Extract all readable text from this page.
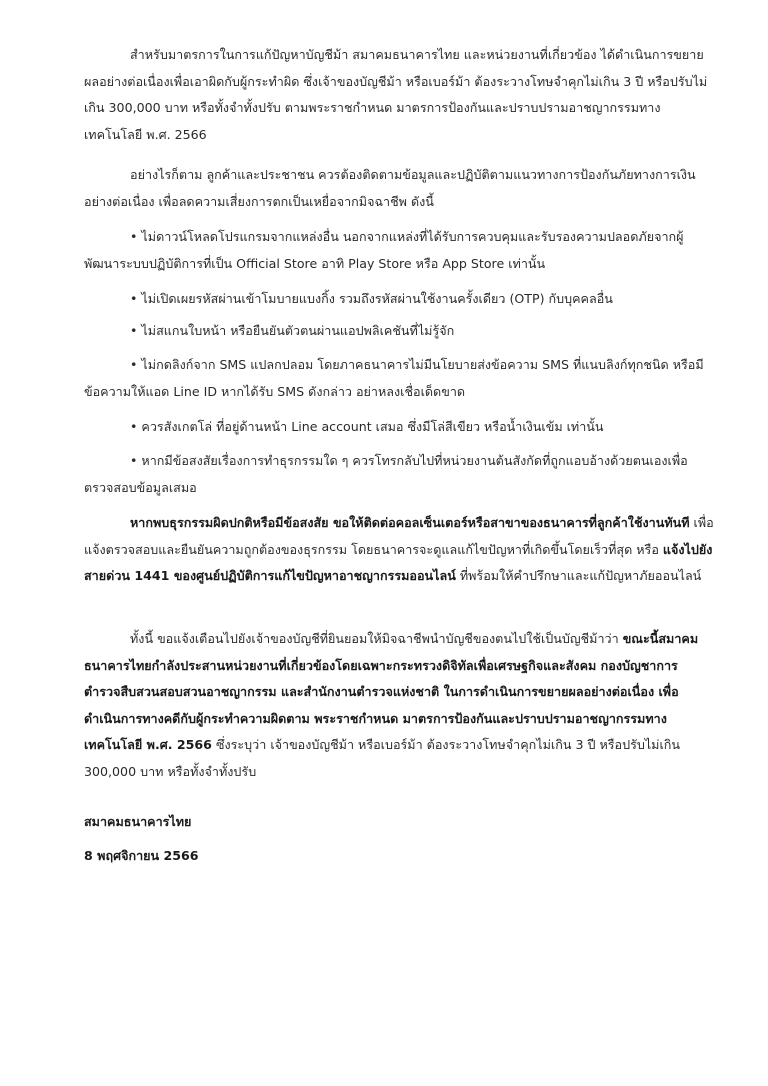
สำหรับมาตรการในการแก้ปัญหาบัญชีม้า สมาคมธนาคารไทย และหน่วยงานที่เกี่ยวข้อง ได้ดำเนินการขยายผลอย่างต่อเนื่องเพื่อเอาผิดกับผู้กระทำผิด ซึ่งเจ้าของบัญชีม้า หรือเบอร์ม้า ต้องระวางโทษจำคุกไม่เกิน 3 ปี หรือปรับไม่เกิน 300,000 บาท หรือทั้งจำทั้งปรับ ตามพระราชกำหนด มาตรการป้องกันและปราบปรามอาชญากรรมทางเทคโนโลยี พ.ศ. 2566
อย่างไรก็ตาม ลูกค้าและประชาชน ควรต้องติดตามข้อมูลและปฏิบัติตามแนวทางการป้องกันภัยทางการเงินอย่างต่อเนื่อง เพื่อลดความเสี่ยงการตกเป็นเหยื่อจากมิจฉาชีพ ดังนี้
• ไม่ดาวน์โหลดโปรแกรมจากแหล่งอื่น นอกจากแหล่งที่ได้รับการควบคุมและรับรองความปลอดภัยจากผู้พัฒนาระบบปฏิบัติการที่เป็น Official Store อาทิ Play Store หรือ App Store เท่านั้น
• ไม่เปิดเผยรหัสผ่านเข้าโมบายแบงกิ้ง รวมถึงรหัสผ่านใช้งานครั้งเดียว (OTP) กับบุคคลอื่น
• ไม่สแกนใบหน้า หรือยืนยันตัวตนผ่านแอปพลิเคชันที่ไม่รู้จัก
• ไม่กดลิงก์จาก SMS แปลกปลอม โดยภาคธนาคารไม่มีนโยบายส่งข้อความ SMS ที่แนบลิงก์ทุกชนิด หรือมีข้อความให้แอด Line ID หากได้รับ SMS ดังกล่าว อย่าหลงเชื่อเด็ดขาด
• ควรสังเกตโล่ ที่อยู่ด้านหน้า Line account เสมอ ซึ่งมีโล่สีเขียว หรือน้ำเงินเข้ม เท่านั้น
• หากมีข้อสงสัยเรื่องการทำธุรกรรมใด ๆ ควรโทรกลับไปที่หน่วยงานต้นสังกัดที่ถูกแอบอ้างด้วยตนเองเพื่อตรวจสอบข้อมูลเสมอ
หากพบธุรกรรมผิดปกติหรือมีข้อสงสัย ขอให้ติดต่อคอลเซ็นเตอร์หรือสาขาของธนาคารที่ลูกค้าใช้งานทันที เพื่อแจ้งตรวจสอบและยืนยันความถูกต้องของธุรกรรม โดยธนาคารจะดูแลแก้ไขปัญหาที่เกิดขึ้นโดยเร็วที่สุด หรือ แจ้งไปยังสายด่วน 1441 ของศูนย์ปฏิบัติการแก้ไขปัญหาอาชญากรรมออนไลน์ ที่พร้อมให้คำปรึกษาและแก้ปัญหาภัยออนไลน์
ทั้งนี้ ขอแจ้งเตือนไปยังเจ้าของบัญชีที่ยินยอมให้มิจฉาชีพนำบัญชีของตนไปใช้เป็นบัญชีม้าว่า ขณะนี้สมาคมธนาคารไทยกำลังประสานหน่วยงานที่เกี่ยวข้องโดยเฉพาะกระทรวงดิจิทัลเพื่อเศรษฐกิจและสังคม กองบัญชาการตำรวจสืบสวนสอบสวนอาชญากรรม และสำนักงานตำรวจแห่งชาติ ในการดำเนินการขยายผลอย่างต่อเนื่อง เพื่อดำเนินการทางคดีกับผู้กระทำความผิดตาม พระราชกำหนด มาตรการป้องกันและปราบปรามอาชญากรรมทางเทคโนโลยี พ.ศ. 2566 ซึ่งระบุว่า เจ้าของบัญชีม้า หรือเบอร์ม้า ต้องระวางโทษจำคุกไม่เกิน 3 ปี หรือปรับไม่เกิน 300,000 บาท หรือทั้งจำทั้งปรับ
สมาคมธนาคารไทย
8 พฤศจิกายน 2566
